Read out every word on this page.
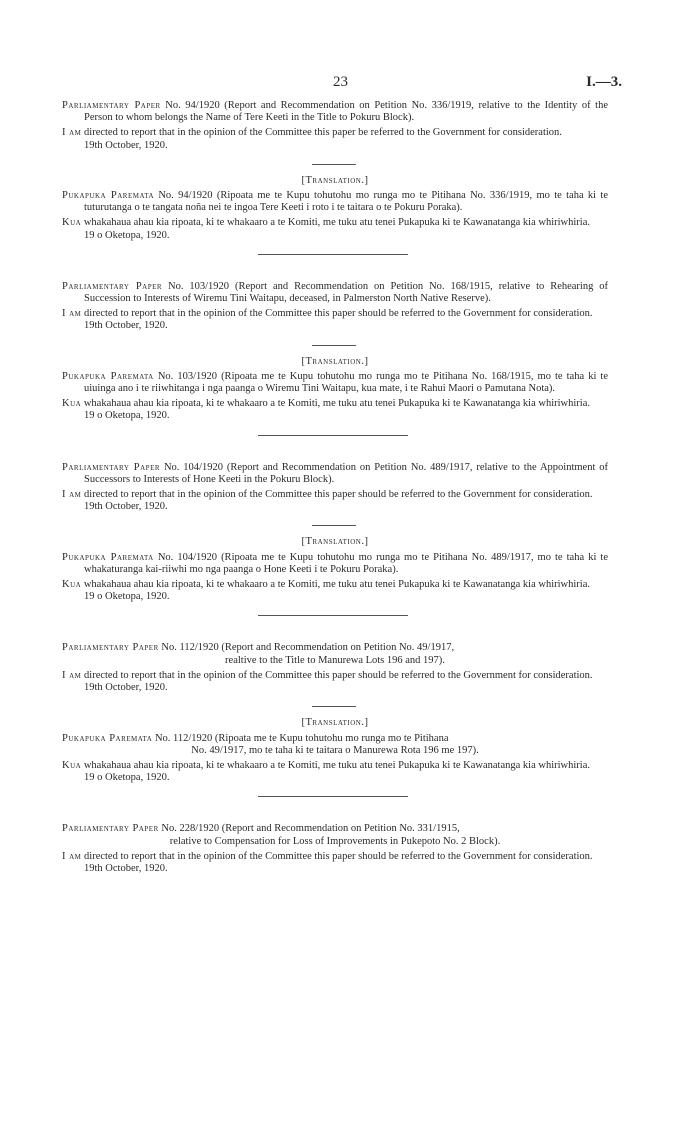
23	I.—3.

Parliamentary Paper No. 94/1920 (Report and Recommendation on Petition No. 336/1919, relative to the Identity of the Person to whom belongs the Name of Tere Keeti in the Title to Pokuru Block).

I am directed to report that in the opinion of the Committee this paper be referred to the Government for consideration.

19th October, 1920.

[Translation.]

Pukapuka Paremata No. 94/1920 (Ripoata me te Kupu tohutohu mo runga mo te Pitihana No. 336/1919, mo te taha ki te tuturutanga o te tangata noña nei te ingoa Tere Keeti i roto i te taitara o te Pokuru Poraka).

Kua whakahaua ahau kia ripoata, ki te whakaaro a te Komiti, me tuku atu tenei Pukapuka ki te Kawanatanga kia whiriwhiria.

19 o Oketopa, 1920.

Parliamentary Paper No. 103/1920 (Report and Recommendation on Petition No. 168/1915, relative to Rehearing of Succession to Interests of Wiremu Tini Waitapu, deceased, in Palmerston North Native Reserve).

I am directed to report that in the opinion of the Committee this paper should be referred to the Government for consideration.

19th October, 1920.

[Translation.]

Pukapuka Paremata No. 103/1920 (Ripoata me te Kupu tohutohu mo runga mo te Pitihana No. 168/1915, mo te taha ki te uiuinga ano i te riiwhitanga i nga paanga o Wiremu Tini Waitapu, kua mate, i te Rahui Maori o Pamutana Nota).

Kua whakahaua ahau kia ripoata, ki te whakaaro a te Komiti, me tuku atu tenei Pukapuka ki te Kawanatanga kia whiriwhiria.

19 o Oketopa, 1920.

Parliamentary Paper No. 104/1920 (Report and Recommendation on Petition No. 489/1917, relative to the Appointment of Successors to Interests of Hone Keeti in the Pokuru Block).

I am directed to report that in the opinion of the Committee this paper should be referred to the Government for consideration.

19th October, 1920.

[Translation.]

Pukapuka Paremata No. 104/1920 (Ripoata me te Kupu tohutohu mo runga mo te Pitihana No. 489/1917, mo te taha ki te whakaturanga kai-riiwhi mo nga paanga o Hone Keeti i te Pokuru Poraka).

Kua whakahaua ahau kia ripoata, ki te whakaaro a te Komiti, me tuku atu tenei Pukapuka ki te Kawanatanga kia whiriwhiria.

19 o Oketopa, 1920.

Parliamentary Paper No. 112/1920 (Report and Recommendation on Petition No. 49/1917,
realtive to the Title to Manurewa Lots 196 and 197).

I am directed to report that in the opinion of the Committee this paper should be referred to the Government for consideration.

19th October, 1920.

[Translation.]

Pukapuka Paremata No. 112/1920 (Ripoata me te Kupu tohutohu mo runga mo te Pitihana
No. 49/1917, mo te taha ki te taitara o Manurewa Rota 196 me 197).

Kua whakahaua ahau kia ripoata, ki te whakaaro a te Komiti, me tuku atu tenei Pukapuka ki te Kawanatanga kia whiriwhiria.

19 o Oketopa, 1920.

Parliamentary Paper No. 228/1920 (Report and Recommendation on Petition No. 331/1915,
relative to Compensation for Loss of Improvements in Pukepoto No. 2 Block).

I am directed to report that in the opinion of the Committee this paper should be referred to the Government for consideration.

19th October, 1920.
